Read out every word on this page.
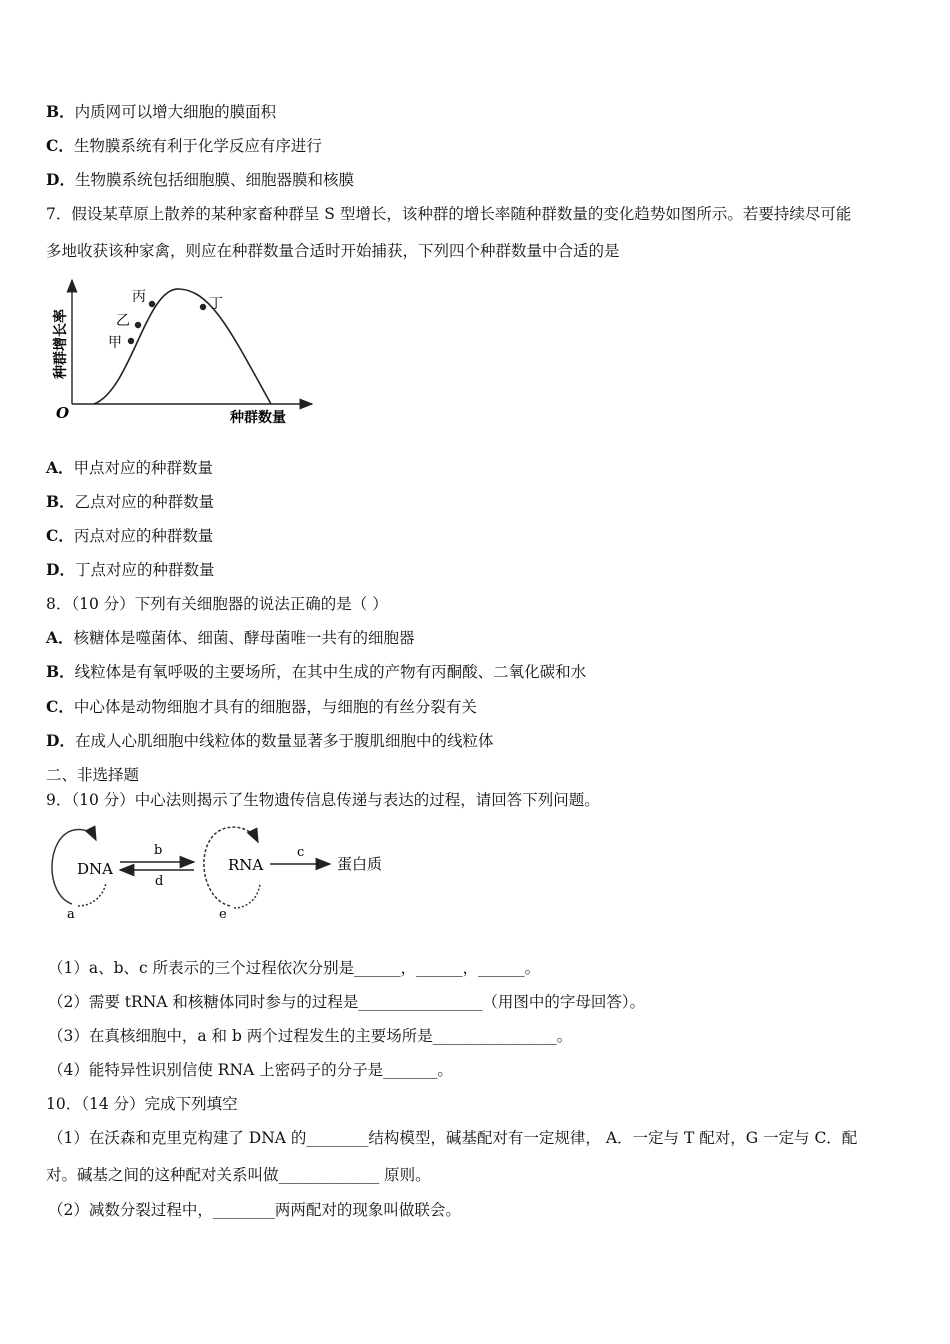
B．内质网可以增大细胞的膜面积
C．生物膜系统有利于化学反应有序进行
D．生物膜系统包括细胞膜、细胞器膜和核膜
7．假设某草原上散养的某种家畜种群呈 S 型增长，该种群的增长率随种群数量的变化趋势如图所示。若要持续尽可能
多地收获该种家禽，则应在种群数量合适时开始捕获，下列四个种群数量中合适的是
甲
乙
丙	丁
O	种群数量
种群增长率
A．甲点对应的种群数量
B．乙点对应的种群数量
C．丙点对应的种群数量
D．丁点对应的种群数量
8．（10 分）下列有关细胞器的说法正确的是（ ）
A．核糖体是噬菌体、细菌、酵母菌唯一共有的细胞器
B．线粒体是有氧呼吸的主要场所，在其中生成的产物有丙酮酸、二氧化碳和水
C．中心体是动物细胞才具有的细胞器，与细胞的有丝分裂有关
D．在成人心肌细胞中线粒体的数量显著多于腹肌细胞中的线粒体
二、非选择题
9．（10 分）中心法则揭示了生物遗传信息传递与表达的过程，请回答下列问题。
DNA
a
b
d
RNA
e
c
蛋白质
（1）a、b、c 所表示的三个过程依次分别是______，______，______。
（2）需要 tRNA 和核糖体同时参与的过程是________________（用图中的字母回答）。
（3）在真核细胞中，a 和 b 两个过程发生的主要场所是________________。
（4）能特异性识别信使 RNA 上密码子的分子是_______。
10．（14 分）完成下列填空
（1）在沃森和克里克构建了 DNA 的________结构模型，碱基配对有一定规律， A．一定与 T 配对，G 一定与 C．配
对。碱基之间的这种配对关系叫做_____________ 原则。
（2）减数分裂过程中，________两两配对的现象叫做联会。
